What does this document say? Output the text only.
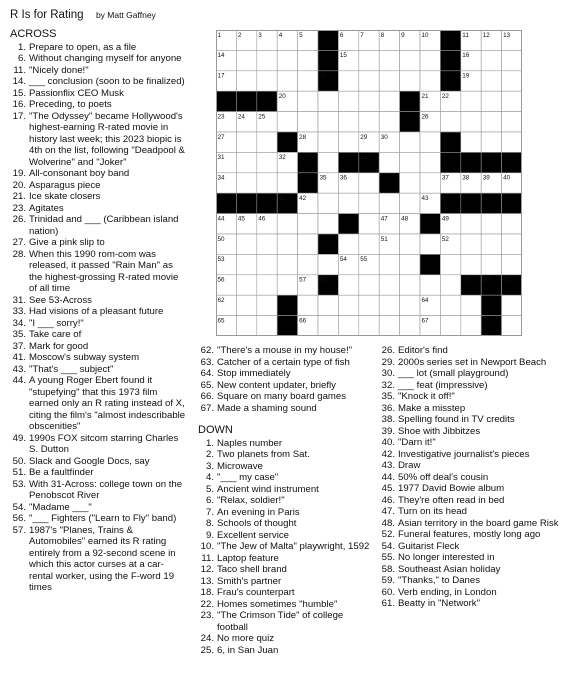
R Is for Rating by Matt Gaffney
ACROSS
1. Prepare to open, as a file
6. Without changing myself for anyone
11. "Nicely done!"
14. ___ conclusion (soon to be finalized)
15. Passionflix CEO Musk
16. Preceding, to poets
17. "The Odyssey" became Hollywood's highest-earning R-rated movie in history last week; this 2023 biopic is 4th on the list, following "Deadpool & Wolverine" and "Joker"
19. All-consonant boy band
20. Asparagus piece
21. Ice skate closers
23. Agitates
26. Trinidad and ___ (Caribbean island nation)
27. Give a pink slip to
28. When this 1990 rom-com was released, it passed "Rain Man" as the highest-grossing R-rated movie of all time
31. See 53-Across
33. Had visions of a pleasant future
34. "I ___ sorry!"
35. Take care of
37. Mark for good
41. Moscow's subway system
43. "That's ___ subject"
44. A young Roger Ebert found it "stupefying" that this 1973 film earned only an R rating instead of X, citing the film's "almost indescribable obscenities"
49. 1990s FOX sitcom starring Charles S. Dutton
50. Slack and Google Docs, say
51. Be a faultfinder
53. With 31-Across: college town on the Penobscot River
54. "Madame ___"
56. "___ Fighters ("Learn to Fly" band)
57. 1987's "Planes, Trains & Automobiles" earned its R rating entirely from a 92-second scene in which this actor curses at a car-rental worker, using the F-word 19 times
62. "There's a mouse in my house!"
63. Catcher of a certain type of fish
64. Stop immediately
65. New content updater, briefly
66. Square on many board games
67. Made a shaming sound
DOWN
1. Naples number
2. Two planets from Sat.
3. Microwave
4. "___ my case"
5. Ancient wind instrument
6. "Relax, soldier!"
7. An evening in Paris
8. Schools of thought
9. Excellent service
10. "The Jew of Malta" playwright, 1592
11. Laptop feature
12. Taco shell brand
13. Smith's partner
18. Frau's counterpart
22. Homes sometimes "humble"
23. "The Crimson Tide" of college football
24. No more quiz
25. 6, in San Juan
26. Editor's find
29. 2000s series set in Newport Beach
30. ___ lot (small playground)
32. ___ feat (impressive)
35. "Knock it off!"
36. Make a misstep
38. Spelling found in TV credits
39. Shoe with Jibbitzes
40. "Darn it!"
42. Investigative journalist's pieces
43. Draw
44. 50% off deal's cousin
45. 1977 David Bowie album
46. They're often read in bed
47. Turn on its head
48. Asian territory in the board game Risk
52. Funeral features, mostly long ago
54. Guitarist Fleck
55. No longer interested in
58. Southeast Asian holiday
59. "Thanks," to Danes
60. Verb ending, in London
61. Beatty in "Network"
1	2	3	4	5	6	7	8	9	10	11 12 13
14	15	16
17	18	19
20	21 22
23 24 25	26
27	28	29 30
31	32	33
34	35 36	37 38 39 40
41 42	43
44 45 46	47 48	49
50	51	52
53	54 55
56	57 58	59 60 61
62	64
65	66	67
